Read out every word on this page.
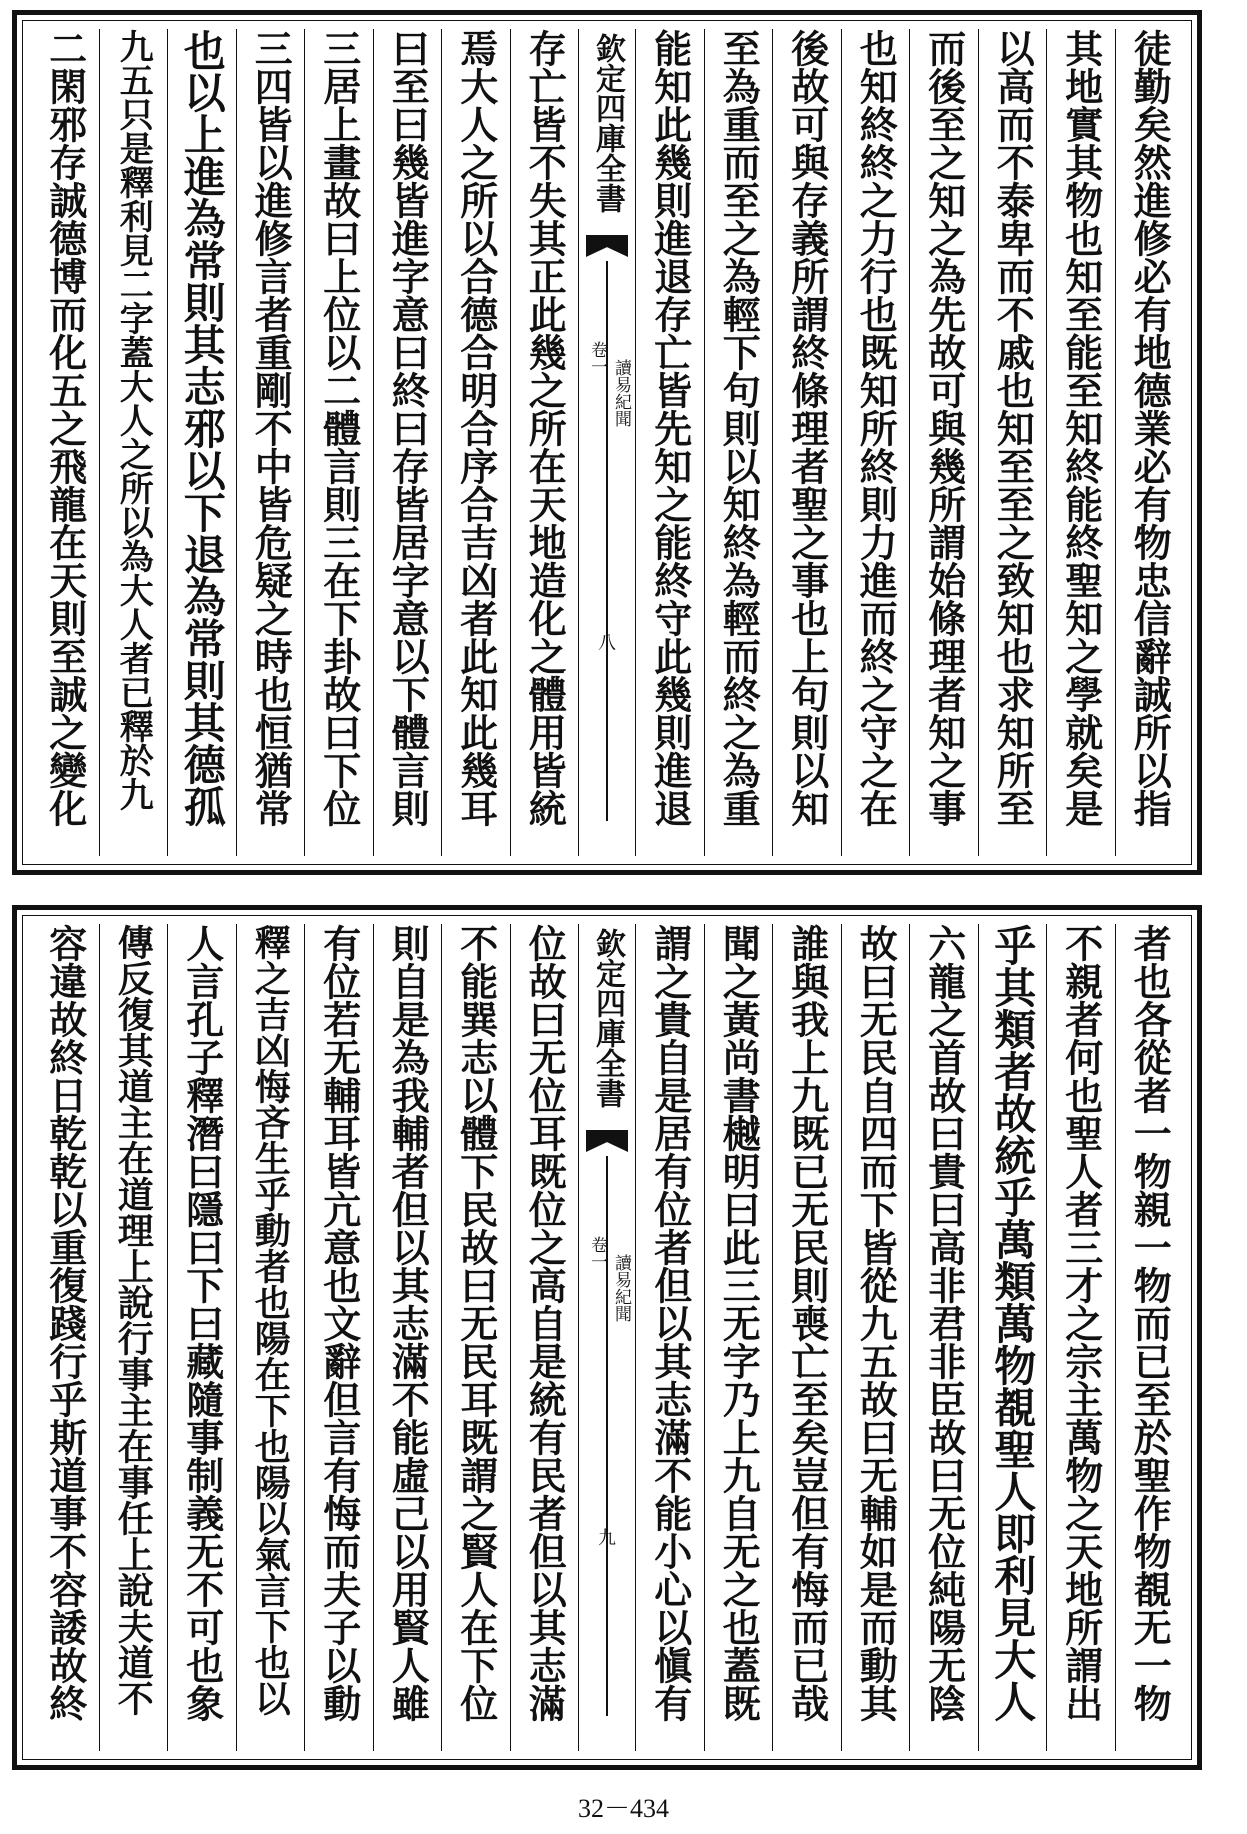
徒勤矣然進修必有地德業必有物忠信辭誠所以指
其地實其物也知至能至知終能終聖知之學就矣是
以高而不泰卑而不戚也知至至之致知也求知所至
而後至之知之為先故可與幾所謂始條理者知之事
也知終終之力行也既知所終則力進而終之守之在
後故可與存義所謂終條理者聖之事也上句則以知
至為重而至之為輕下句則以知終為輕而終之為重
能知此幾則進退存亡皆先知之能終守此幾則進退
欽定四庫全書
讀易紀聞
卷一
八
存亡皆不失其正此幾之所在天地造化之體用皆統
焉大人之所以合德合明合序合吉凶者此知此幾耳
曰至曰幾皆進字意曰終曰存皆居字意以下體言則
三居上畫故曰上位以二體言則三在下卦故曰下位
三四皆以進修言者重剛不中皆危疑之時也恒猶常
也以上進為常則其志邪以下退為常則其德孤
九五只是釋利見二字蓋大人之所以為大人者已釋於九
二閑邪存誠德博而化五之飛龍在天則至誠之變化
者也各從者一物親一物而已至於聖作物覩无一物
不親者何也聖人者三才之宗主萬物之天地所謂出
乎其類者故統乎萬類萬物覩聖人即利見大人
六龍之首故曰貴曰高非君非臣故曰无位純陽无陰
故曰无民自四而下皆從九五故曰无輔如是而動其
誰與我上九既已无民則喪亡至矣豈但有悔而已哉
聞之黃尚書樾明曰此三无字乃上九自无之也蓋既
謂之貴自是居有位者但以其志滿不能小心以愼有
欽定四庫全書
讀易紀聞
卷一
九
位故曰无位耳既位之高自是統有民者但以其志滿
不能巽志以體下民故曰无民耳既謂之賢人在下位
則自是為我輔者但以其志滿不能虛己以用賢人雖
有位若无輔耳皆亢意也文辭但言有悔而夫子以動
釋之吉凶悔吝生乎動者也陽在下也陽以氣言下也以
人言孔子釋潛曰隱曰下曰藏隨事制義无不可也象
傳反復其道主在道理上說行事主在事任上說夫道不
容違故終日乾乾以重復踐行乎斯道事不容諉故終
32－434
